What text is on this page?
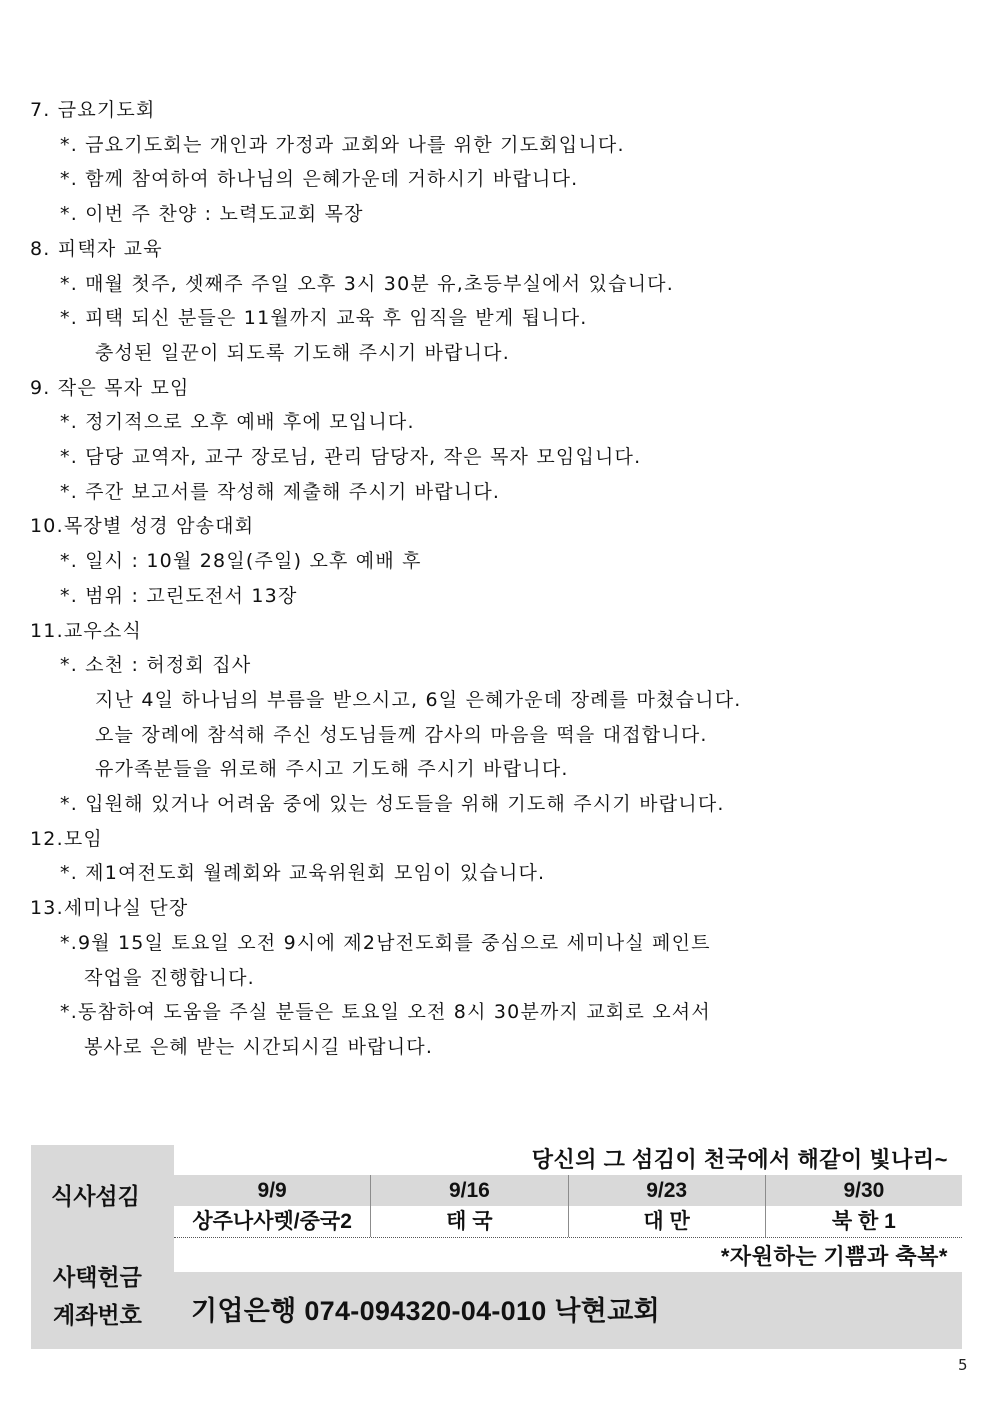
7. 금요기도회
*. 금요기도회는 개인과 가정과 교회와 나를 위한 기도회입니다.
*. 함께 참여하여 하나님의 은혜가운데 거하시기 바랍니다.
*. 이번 주 찬양 : 노력도교회 목장
8. 피택자 교육
*. 매월 첫주, 셋째주 주일 오후 3시 30분 유,초등부실에서 있습니다.
*. 피택 되신 분들은 11월까지 교육 후 임직을 받게 됩니다.
충성된 일꾼이 되도록 기도해 주시기 바랍니다.
9. 작은 목자 모임
*. 정기적으로 오후 예배 후에 모입니다.
*. 담당 교역자, 교구 장로님, 관리 담당자, 작은 목자 모임입니다.
*. 주간 보고서를 작성해 제출해 주시기 바랍니다.
10.목장별 성경 암송대회
*. 일시 : 10월 28일(주일) 오후 예배 후
*. 범위 : 고린도전서 13장
11.교우소식
*. 소천 : 허정회 집사
지난 4일 하나님의 부름을 받으시고, 6일 은혜가운데 장례를 마쳤습니다.
오늘 장례에 참석해 주신 성도님들께 감사의 마음을 떡을 대접합니다.
유가족분들을 위로해 주시고 기도해 주시기 바랍니다.
*. 입원해 있거나 어려움 중에 있는 성도들을 위해 기도해 주시기 바랍니다.
12.모임
*. 제1여전도회 월례회와 교육위원회 모임이 있습니다.
13.세미나실 단장
*.9월 15일 토요일 오전 9시에 제2남전도회를 중심으로 세미나실 페인트
작업을 진행합니다.
*.동참하여 도움을 주실 분들은 토요일 오전 8시 30분까지 교회로 오셔서
봉사로 은혜 받는 시간되시길 바랍니다.
식사섬김
당신의 그 섬김이 천국에서 해같이 빛나리~
9/9	9/16	9/23	9/30
상주나사렛/중국2	태 국	대 만	북 한 1
*자원하는 기쁨과 축복*
사택헌금
계좌번호 기업은행 074-094320-04-010 낙현교회
5
